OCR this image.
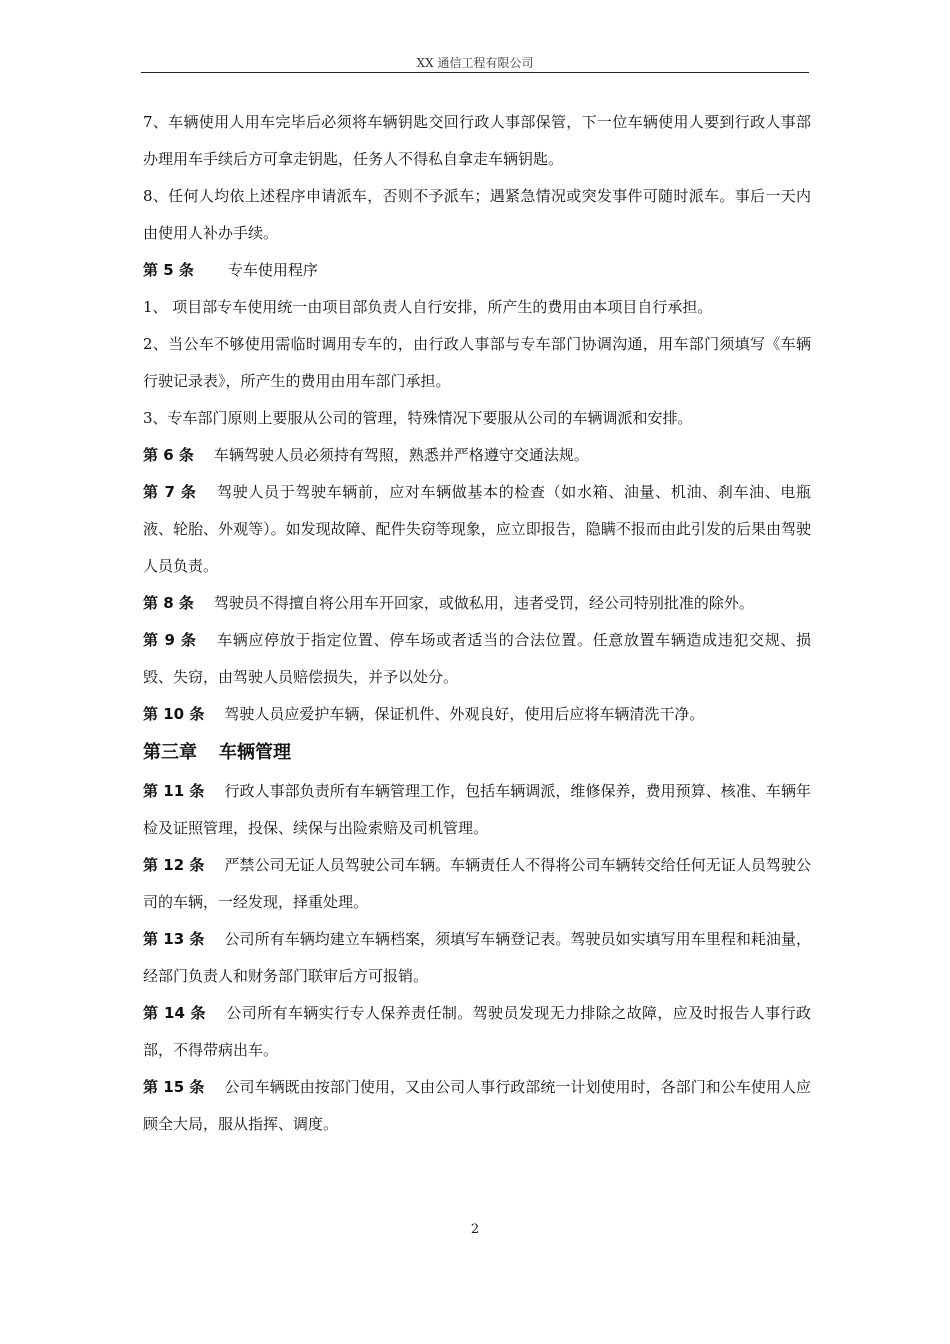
XX 通信工程有限公司

7、车辆使用人用车完毕后必须将车辆钥匙交回行政人事部保管，下一位车辆使用人要到行政人事部办理用车手续后方可拿走钥匙，任务人不得私自拿走车辆钥匙。

8、任何人均依上述程序申请派车，否则不予派车；遇紧急情况或突发事件可随时派车。事后一天内由使用人补办手续。

第 5 条 专车使用程序

1、 项目部专车使用统一由项目部负责人自行安排，所产生的费用由本项目自行承担。

2、当公车不够使用需临时调用专车的，由行政人事部与专车部门协调沟通，用车部门须填写《车辆行驶记录表》，所产生的费用由用车部门承担。

3、专车部门原则上要服从公司的管理，特殊情况下要服从公司的车辆调派和安排。

第 6 条 车辆驾驶人员必须持有驾照，熟悉并严格遵守交通法规。

第 7 条 驾驶人员于驾驶车辆前，应对车辆做基本的检查（如水箱、油量、机油、刹车油、电瓶液、轮胎、外观等）。如发现故障、配件失窃等现象，应立即报告，隐瞒不报而由此引发的后果由驾驶人员负责。

第 8 条 驾驶员不得擅自将公用车开回家，或做私用，违者受罚，经公司特别批准的除外。

第 9 条 车辆应停放于指定位置、停车场或者适当的合法位置。任意放置车辆造成违犯交规、损毁、失窃，由驾驶人员赔偿损失，并予以处分。

第 10 条 驾驶人员应爱护车辆，保证机件、外观良好，使用后应将车辆清洗干净。

第三章 车辆管理

第 11 条 行政人事部负责所有车辆管理工作，包括车辆调派，维修保养，费用预算、核准、车辆年检及证照管理，投保、续保与出险索赔及司机管理。

第 12 条 严禁公司无证人员驾驶公司车辆。车辆责任人不得将公司车辆转交给任何无证人员驾驶公司的车辆，一经发现，择重处理。

第 13 条 公司所有车辆均建立车辆档案，须填写车辆登记表。驾驶员如实填写用车里程和耗油量，经部门负责人和财务部门联审后方可报销。

第 14 条 公司所有车辆实行专人保养责任制。驾驶员发现无力排除之故障，应及时报告人事行政部，不得带病出车。

第 15 条 公司车辆既由按部门使用，又由公司人事行政部统一计划使用时，各部门和公车使用人应顾全大局，服从指挥、调度。

2
